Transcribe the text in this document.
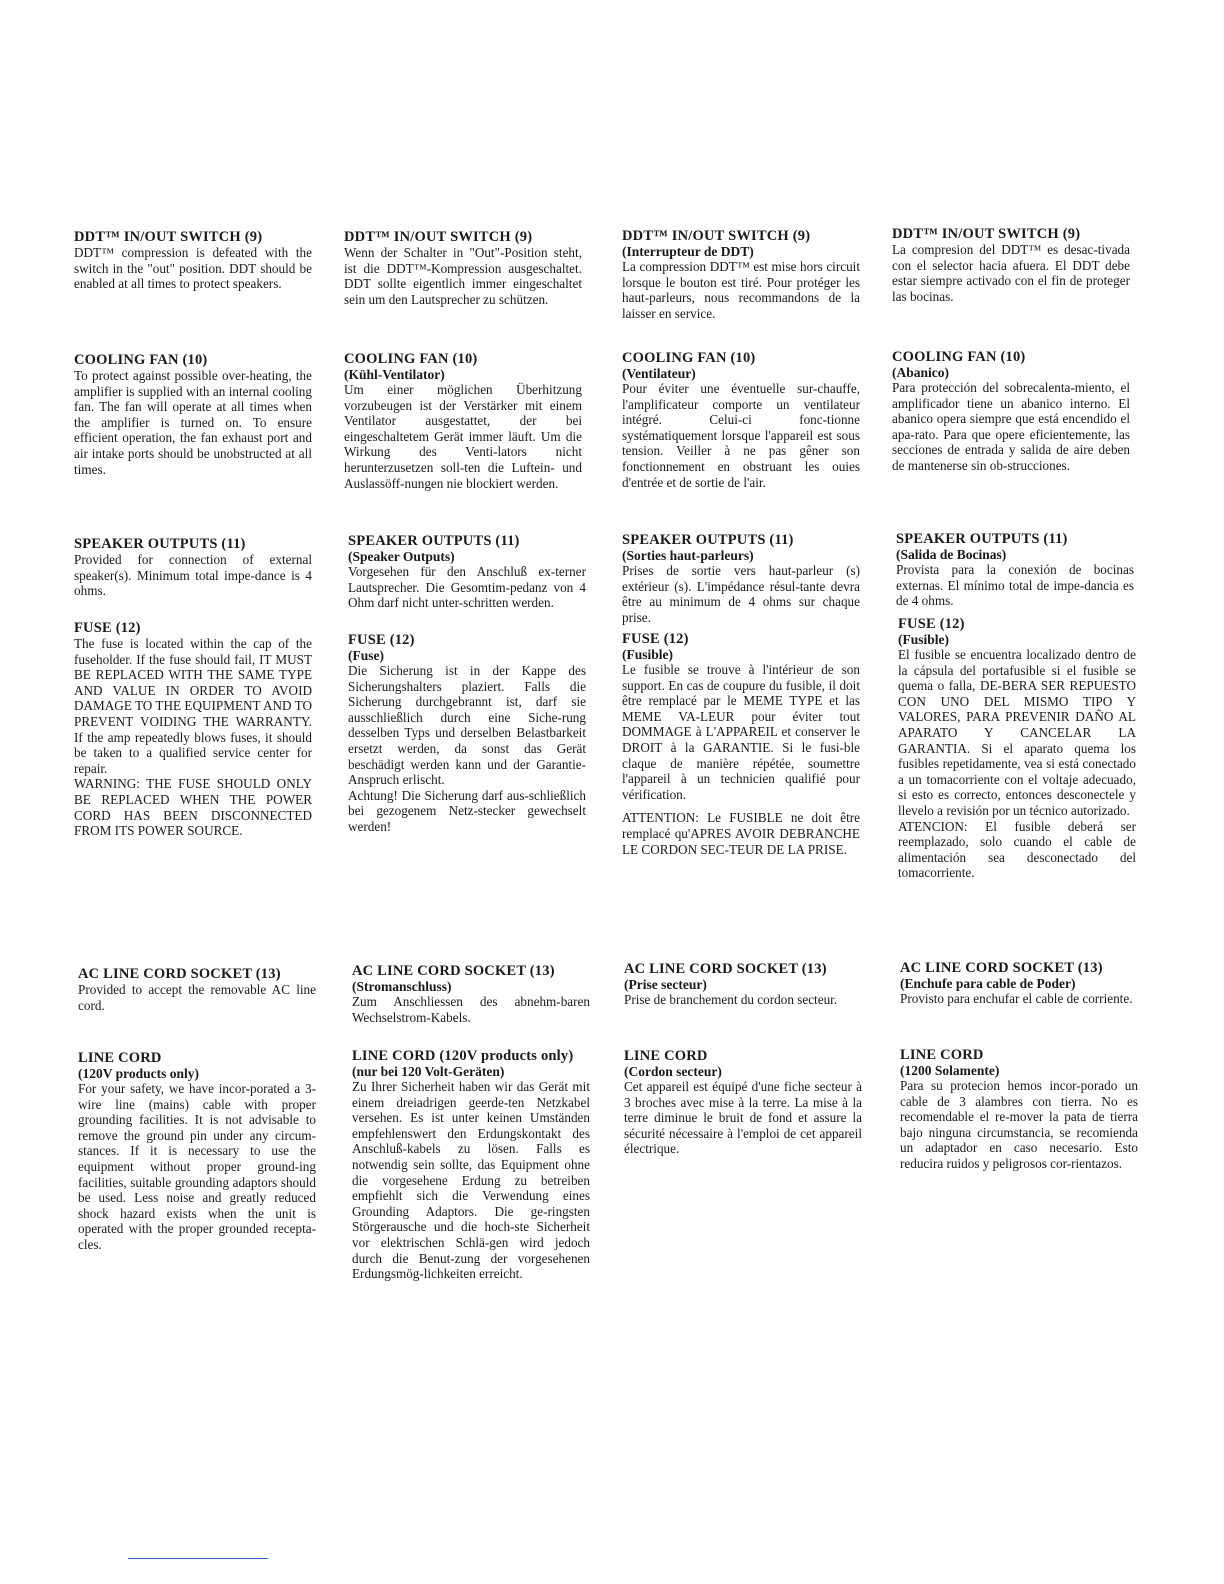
DDT™ IN/OUT SWITCH (9)

DDT™ compression is defeated with the switch in the "out" position. DDT should be enabled at all times to protect speakers.

COOLING FAN (10)

To protect against possible over-heating, the amplifier is supplied with an internal cooling fan. The fan will operate at all times when the amplifier is turned on. To ensure efficient operation, the fan exhaust port and air intake ports should be unobstructed at all times.

SPEAKER OUTPUTS (11)

Provided for connection of external speaker(s). Minimum total impe-dance is 4 ohms.

FUSE (12)

The fuse is located within the cap of the fuseholder. If the fuse should fail, IT MUST BE REPLACED WITH THE SAME TYPE AND VALUE IN ORDER TO AVOID DAMAGE TO THE EQUIPMENT AND TO PREVENT VOIDING THE WARRANTY. If the amp repeatedly blows fuses, it should be taken to a qualified service center for repair.

WARNING: THE FUSE SHOULD ONLY BE REPLACED WHEN THE POWER CORD HAS BEEN DISCONNECTED FROM ITS POWER SOURCE.

AC LINE CORD SOCKET (13)

Provided to accept the removable AC line cord.

LINE CORD
(120V products only)

For your safety, we have incor-porated a 3-wire line (mains) cable with proper grounding facilities. It is not advisable to remove the ground pin under any circum-stances. If it is necessary to use the equipment without proper ground-ing facilities, suitable grounding adaptors should be used. Less noise and greatly reduced shock hazard exists when the unit is operated with the proper grounded recepta-cles.

DDT™ IN/OUT SWITCH (9)

Wenn der Schalter in "Out"-Position steht, ist die DDT™-Kompression ausgeschaltet. DDT sollte eigentlich immer eingeschaltet sein um den Lautsprecher zu schützen.

COOLING FAN (10)
(Kühl-Ventilator)

Um einer möglichen Überhitzung vorzubeugen ist der Verstärker mit einem Ventilator ausgestattet, der bei eingeschaltetem Gerät immer läuft. Um die Wirkung des Venti-lators nicht herunterzusetzen soll-ten die Luftein- und Auslassöff-nungen nie blockiert werden.

SPEAKER OUTPUTS (11)
(Speaker Outputs)

Vorgesehen für den Anschluß ex-terner Lautsprecher. Die Gesomtim-pedanz von 4 Ohm darf nicht unter-schritten werden.

FUSE (12)
(Fuse)

Die Sicherung ist in der Kappe des Sicherungshalters plaziert. Falls die Sicherung durchgebrannt ist, darf sie ausschließlich durch eine Siche-rung desselben Typs und derselben Belastbarkeit ersetzt werden, da sonst das Gerät beschädigt werden kann und der Garantie-Anspruch erlischt.

Achtung! Die Sicherung darf aus-schließlich bei gezogenem Netz-stecker gewechselt werden!

AC LINE CORD SOCKET (13)
(Stromanschluss)

Zum Anschliessen des abnehm-baren Wechselstrom-Kabels.

LINE CORD (120V products only)
(nur bei 120 Volt-Geräten)

Zu Ihrer Sicherheit haben wir das Gerät mit einem dreiadrigen geerde-ten Netzkabel versehen. Es ist unter keinen Umständen empfehlenswert den Erdungskontakt des Anschluß-kabels zu lösen. Falls es notwendig sein sollte, das Equipment ohne die vorgesehene Erdung zu betreiben empfiehlt sich die Verwendung eines Grounding Adaptors. Die ge-ringsten Störgerausche und die hoch-ste Sicherheit vor elektrischen Schlä-gen wird jedoch durch die Benut-zung der vorgesehenen Erdungsmög-lichkeiten erreicht.

DDT™ IN/OUT SWITCH (9)
(Interrupteur de DDT)

La compression DDT™ est mise hors circuit lorsque le bouton est tiré. Pour protéger les haut-parleurs, nous recommandons de la laisser en service.

COOLING FAN (10)
(Ventilateur)

Pour éviter une éventuelle sur-chauffe, l'amplificateur comporte un ventilateur intégré. Celui-ci fonc-tionne systématiquement lorsque l'appareil est sous tension. Veiller à ne pas gêner son fonctionnement en obstruant les ouies d'entrée et de sortie de l'air.

SPEAKER OUTPUTS (11)
(Sorties haut-parleurs)

Prises de sortie vers haut-parleur (s) extérieur (s). L'impédance résul-tante devra être au minimum de 4 ohms sur chaque prise.

FUSE (12)
(Fusible)

Le fusible se trouve à l'intérieur de son support. En cas de coupure du fusible, il doit être remplacé par le MEME TYPE et las MEME VA-LEUR pour éviter tout DOMMAGE à L'APPAREIL et conserver le DROIT à la GARANTIE. Si le fusi-ble claque de manière répétée, soumettre l'appareil à un technicien qualifié pour vérification.

ATTENTION: Le FUSIBLE ne doit être remplacé qu'APRES AVOIR DEBRANCHE LE CORDON SEC-TEUR DE LA PRISE.

AC LINE CORD SOCKET (13)
(Prise secteur)

Prise de branchement du cordon secteur.

LINE CORD
(Cordon secteur)

Cet appareil est équipé d'une fiche secteur à 3 broches avec mise à la terre. La mise à la terre diminue le bruit de fond et assure la sécurité nécessaire à l'emploi de cet appareil électrique.

DDT™ IN/OUT SWITCH (9)

La compresion del DDT™ es desac-tivada con el selector hacia afuera. El DDT debe estar siempre activado con el fin de proteger las bocinas.

COOLING FAN (10)
(Abanico)

Para protección del sobrecalenta-miento, el amplificador tiene un abanico interno. El abanico opera siempre que está encendido el apa-rato. Para que opere eficientemente, las secciones de entrada y salida de aire deben de mantenerse sin ob-strucciones.

SPEAKER OUTPUTS (11)
(Salida de Bocinas)

Provista para la conexión de bocinas externas. El mínimo total de impe-dancia es de 4 ohms.

FUSE (12)
(Fusible)

El fusible se encuentra localizado dentro de la cápsula del portafusible si el fusible se quema o falla, DE-BERA SER REPUESTO CON UNO DEL MISMO TIPO Y VALORES, PARA PREVENIR DAÑO AL APARATO Y CANCELAR LA GARANTIA. Si el aparato quema los fusibles repetidamente, vea si está conectado a un tomacorriente con el voltaje adecuado, si esto es correcto, entonces desconectele y llevelo a revisión por un técnico autorizado.

ATENCION: El fusible deberá ser reemplazado, solo cuando el cable de alimentación sea desconectado del tomacorriente.

AC LINE CORD SOCKET (13)
(Enchufe para cable de Poder)

Provisto para enchufar el cable de corriente.

LINE CORD
(1200 Solamente)

Para su protecion hemos incor-porado un cable de 3 alambres con tierra. No es recomendable el re-mover la pata de tierra bajo ninguna circumstancia, se recomienda un adaptador en caso necesario. Esto reducira ruidos y peligrosos cor-rientazos.
